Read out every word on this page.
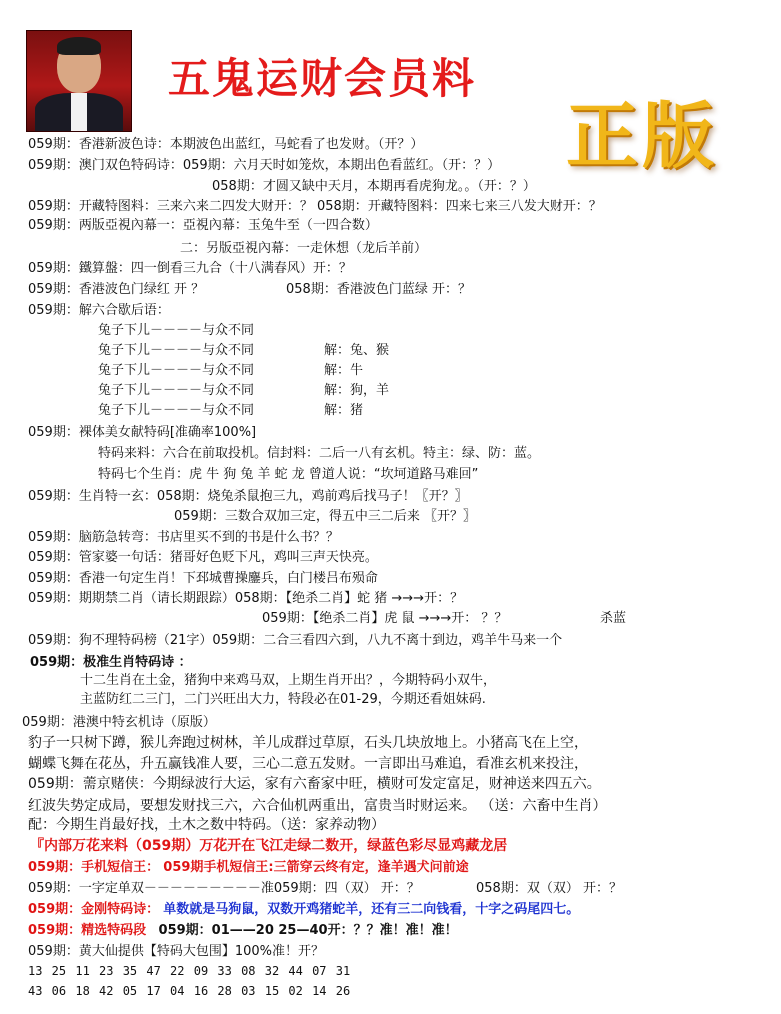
五鬼运财会员料
正版
059期：香港新波色诗：本期波色出蓝红，马蛇看了也发财。（开？）
059期：澳门双色特码诗：059期：六月天时如笼炊，本期出色看蓝红。（开：？）
058期：才圆又缺中天月，本期再看虎狗龙。。（开：？）
059期：开藏特图料：三来六来二四发大财开：？ 058期：开藏特图料：四来七来三八发大财开：？
059期：两版亞視內幕一：亞視內幕：玉兔牛至（一四合数）
二：另版亞視內幕：一走休想（龙后羊前）
059期：鐵算盤：四一倒看三九合（十八满春风）开：？
059期：香港波色门绿红 开 ？	058期：香港波色门蓝绿 开：？
059期：解六合歇后语：
兔子下儿－－－－与众不同
兔子下儿－－－－与众不同	解：兔、猴
兔子下儿－－－－与众不同	解：牛
兔子下儿－－－－与众不同	解：狗，羊
兔子下儿－－－－与众不同	解：猪
059期：裸体美女献特码[准确率100%]
特码来料：六合在前取投机。信封料：二后一八有玄机。特主：绿、防：蓝。
特码七个生肖：虎 牛 狗 兔 羊 蛇 龙 曾道人说：“坎坷道路马难回”
059期：生肖特一玄：058期：烧兔杀鼠抱三九，鸡前鸡后找马子！〖开？〗
059期：三数合双加三定，得五中三二后来 〖开？〗
059期：脑筋急转弯：书店里买不到的书是什么书？？
059期：管家婆一句话：猪哥好色贬下凡，鸡叫三声天快亮。
059期：香港一句定生肖！下邳城曹操鏖兵，白门楼吕布殒命
059期：期期禁二肖（请长期跟踪）058期：【绝杀二肖】蛇 猪 →→→开：？
059期：【绝杀二肖】虎 鼠 →→→开： ？？	杀蓝
059期：狗不理特码榜（21字）059期：二合三看四六到，八九不离十到边，鸡羊牛马来一个
059期：极准生肖特码诗 ：
十二生肖在土金，猪狗中来鸡马双，上期生肖开出？，今期特码小双牛，
主蓝防红二三门，二门兴旺出大力，特段必在01-29，今期还看姐妹码.
059期：港澳中特玄机诗（原版）
豹子一只树下蹲，猴儿奔跑过树林，羊儿成群过草原，石头几块放地上。小猪高飞在上空，
蝴蝶飞舞在花丛，升五赢钱准人要，三心二意五发财。一言即出马难追，看准玄机来投注，
059期：薷京赌侠：今期绿波行大运，家有六畜家中旺，横财可发定富足，财神送来四五六。
红波失势定成局，要想发财找三六，六合仙机两重出，富贵当时财运来。 （送：六畜中生肖）
配：今期生肖最好找，土木之数中特码。（送：家养动物）
『内部万花来料（059期）万花开在飞江走绿二数开，绿蓝色彩尽显鸡藏龙居
059期：手机短信王： 059期手机短信王:三箭穿云终有定，逢羊遇犬问前途
059期：一字定单双－－－－－－－－－准059期：四（双） 开：？	058期：双（双） 开：？
059期：金刚特码诗： 单数就是马狗鼠，双数开鸡猪蛇羊，还有三二向钱看，十字之码尾四七。
059期：精选特码段 059期：01——20 25—40开：？？准！准！准！
059期：黄大仙提供【特码大包围】100%准！开？
13 25 11 23 35 47 22 09 33 08 32 44 07 31
43 06 18 42 05 17 04 16 28 03 15 02 14 26
